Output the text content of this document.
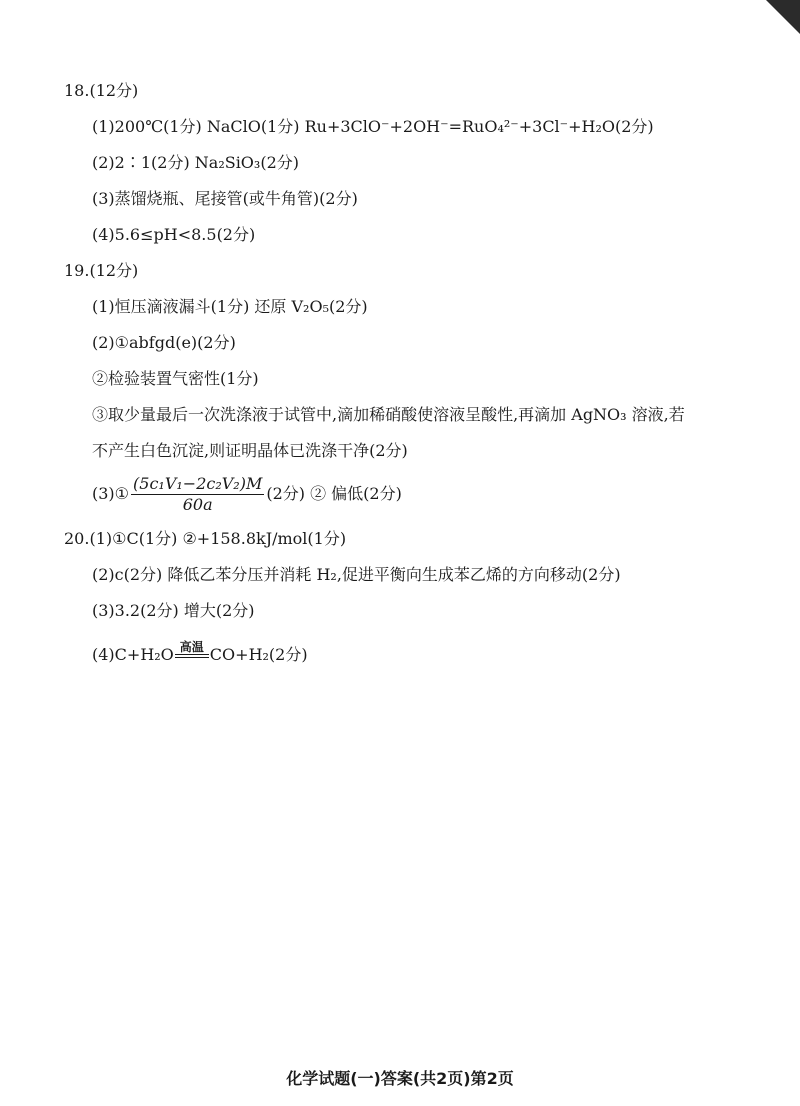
18.(12分)
(1)200℃(1分) NaClO(1分) Ru+3ClO⁻+2OH⁻=RuO₄²⁻+3Cl⁻+H₂O(2分)
(2)2∶1(2分) Na₂SiO₃(2分)
(3)蒸馏烧瓶、尾接管(或牛角管)(2分)
(4)5.6≤pH<8.5(2分)
19.(12分)
(1)恒压滴液漏斗(1分) 还原 V₂O₅(2分)
(2)①abfgd(e)(2分)
②检验装置气密性(1分)
③取少量最后一次洗涤液于试管中,滴加稀硝酸使溶液呈酸性,再滴加 AgNO₃ 溶液,若
不产生白色沉淀,则证明晶体已洗涤干净(2分)
(3)① $\frac{\text{(5c₁V₁−2c₂V₂)M}}{60a} (2$分) ② 偏低(2分)
20.(1)①C(1分) ②+158.8kJ/mol(1分)
(2)c(2分) 降低乙苯分压并消耗 H₂,促进平衡向生成苯乙烯的方向移动(2分)
(3)3.2(2分) 增大(2分)
(4)C+H₂O 高温 CO+H₂(2分)
化学试题(一)答案(共2页)第2页
